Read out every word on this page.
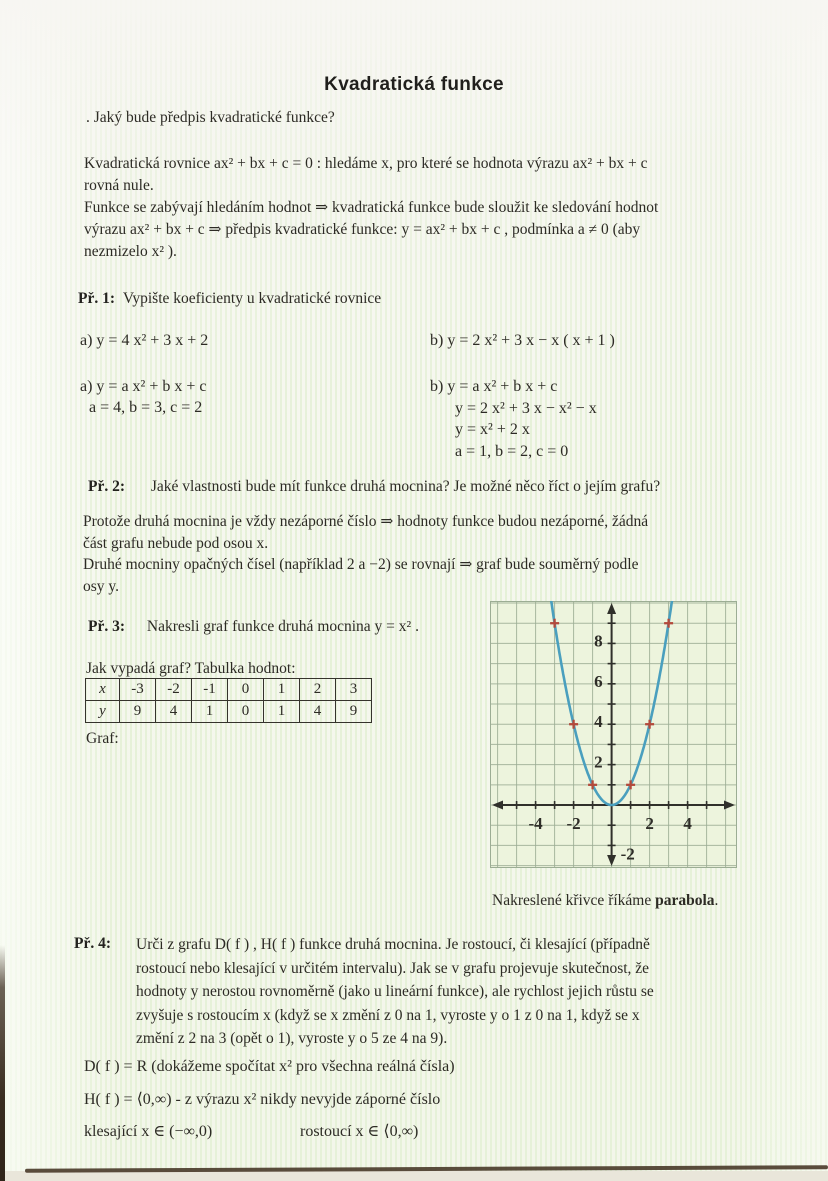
Kvadratická funkce
. Jaký bude předpis kvadratické funkce?
Kvadratická rovnice ax² + bx + c = 0 : hledáme x, pro které se hodnota výrazu ax² + bx + c
rovná nule.
Funkce se zabývají hledáním hodnot ⇒ kvadratická funkce bude sloužit ke sledování hodnot
výrazu ax² + bx + c ⇒ předpis kvadratické funkce: y = ax² + bx + c , podmínka a ≠ 0 (aby
nezmizelo x² ).
Př. 1: Vypište koeficienty u kvadratické rovnice
a) y = 4 x² + 3 x + 2	b) y = 2 x² + 3 x − x ( x + 1 )
a) y = a x² + b x + c
a = 4, b = 3, c = 2
b) y = a x² + b x + c
y = 2 x² + 3 x − x² − x
y = x² + 2 x
a = 1, b = 2, c = 0
Př. 2: Jaké vlastnosti bude mít funkce druhá mocnina? Je možné něco říct o jejím grafu?
Protože druhá mocnina je vždy nezáporné číslo ⇒ hodnoty funkce budou nezáporné, žádná
část grafu nebude pod osou x.
Druhé mocniny opačných čísel (například 2 a −2) se rovnají ⇒ graf bude souměrný podle
osy y.
Př. 3: Nakresli graf funkce druhá mocnina y = x² .
Jak vypadá graf? Tabulka hodnot:
x	-3	-2	-1	0	1	2	3
y	9	4	1	0	1	4	9
Graf:
-4 -2	2 4
8
6
4
2
-2
Nakreslené křivce říkáme parabola.
Př. 4: Urči z grafu D( f ) , H( f ) funkce druhá mocnina. Je rostoucí, či klesající (případně
rostoucí nebo klesající v určitém intervalu). Jak se v grafu projevuje skutečnost, že
hodnoty y nerostou rovnoměrně (jako u lineární funkce), ale rychlost jejich růstu se
zvyšuje s rostoucím x (když se x změní z 0 na 1, vyroste y o 1 z 0 na 1, když se x
změní z 2 na 3 (opět o 1), vyroste y o 5 ze 4 na 9).
D( f ) = R (dokážeme spočítat x² pro všechna reálná čísla)
H( f ) = ⟨0,∞) - z výrazu x² nikdy nevyjde záporné číslo
klesající x ∈ (−∞,0)	rostoucí x ∈ ⟨0,∞)
